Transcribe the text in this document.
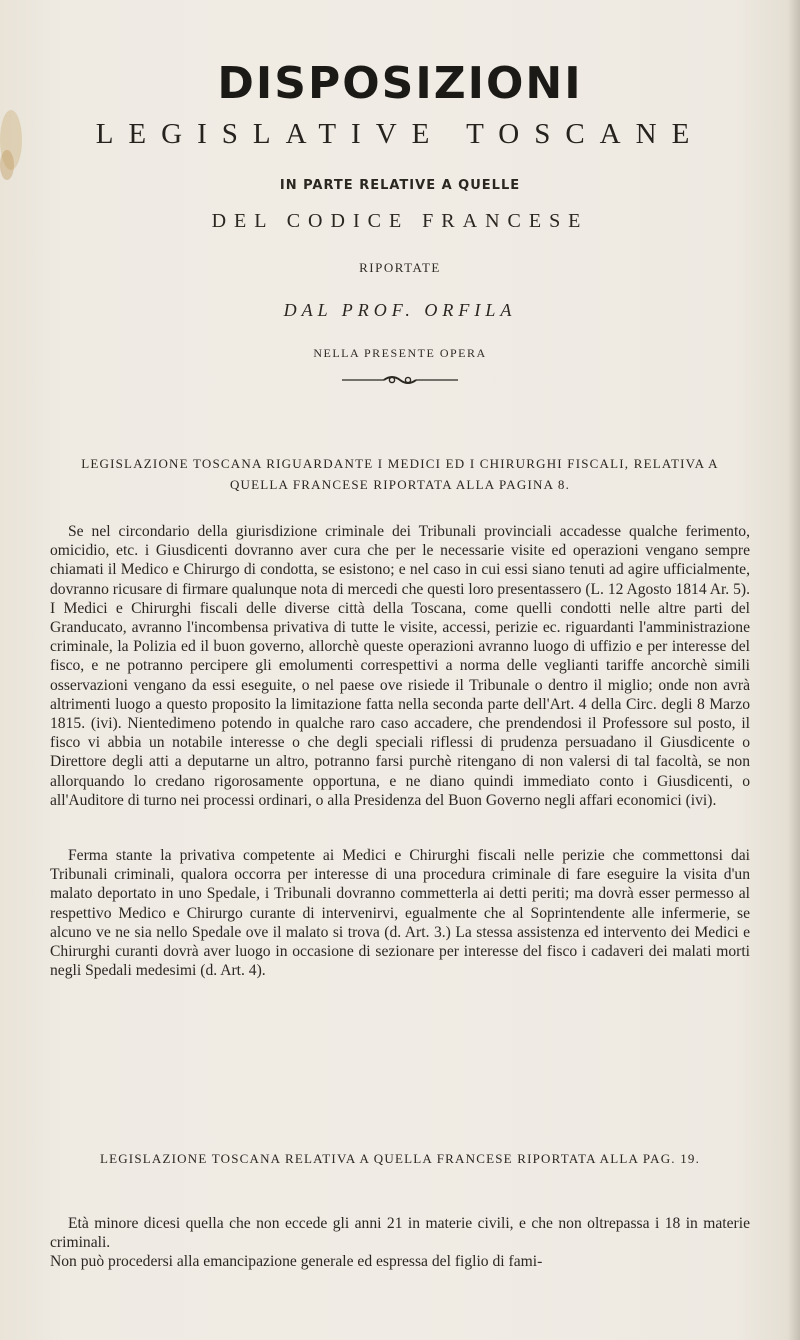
DISPOSIZIONI
LEGISLATIVE TOSCANE
IN PARTE RELATIVE A QUELLE
DEL CODICE FRANCESE
RIPORTATE
DAL PROF. ORFILA
NELLA PRESENTE OPERA
LEGISLAZIONE TOSCANA RIGUARDANTE I MEDICI ED I CHIRURGHI FISCALI, RELATIVA A QUELLA FRANCESE RIPORTATA ALLA PAGINA 8.

Se nel circondario della giurisdizione criminale dei Tribunali provinciali accadesse qualche ferimento, omicidio, etc. i Giusdicenti dovranno aver cura che per le necessarie visite ed operazioni vengano sempre chiamati il Medico e Chirurgo di condotta, se esistono; e nel caso in cui essi siano tenuti ad agire ufficialmente, dovranno ricusare di firmare qualunque nota di mercedi che questi loro presentassero (L. 12 Agosto 1814 Ar. 5). I Medici e Chirurghi fiscali delle diverse città della Toscana, come quelli condotti nelle altre parti del Granducato, avranno l'incombensa privativa di tutte le visite, accessi, perizie ec. riguardanti l'amministrazione criminale, la Polizia ed il buon governo, allorchè queste operazioni avranno luogo di uffizio e per interesse del fisco, e ne potranno percipere gli emolumenti correspettivi a norma delle veglianti tariffe ancorchè simili osservazioni vengano da essi eseguite, o nel paese ove risiede il Tribunale o dentro il miglio; onde non avrà altrimenti luogo a questo proposito la limitazione fatta nella seconda parte dell'Art. 4 della Circ. degli 8 Marzo 1815. (ivi). Nientedimeno potendo in qualche raro caso accadere, che prendendosi il Professore sul posto, il fisco vi abbia un notabile interesse o che degli speciali riflessi di prudenza persuadano il Giusdicente o Direttore degli atti a deputarne un altro, potranno farsi purchè ritengano di non valersi di tal facoltà, se non allorquando lo credano rigorosamente opportuna, e ne diano quindi immediato conto i Giusdicenti, o all'Auditore di turno nei processi ordinari, o alla Presidenza del Buon Governo negli affari economici (ivi).

Ferma stante la privativa competente ai Medici e Chirurghi fiscali nelle perizie che commettonsi dai Tribunali criminali, qualora occorra per interesse di una procedura criminale di fare eseguire la visita d'un malato deportato in uno Spedale, i Tribunali dovranno commetterla ai detti periti; ma dovrà esser permesso al respettivo Medico e Chirurgo curante di intervenirvi, egualmente che al Soprintendente alle infermerie, se alcuno ve ne sia nello Spedale ove il malato si trova (d. Art. 3.) La stessa assistenza ed intervento dei Medici e Chirurghi curanti dovrà aver luogo in occasione di sezionare per interesse del fisco i cadaveri dei malati morti negli Spedali medesimi (d. Art. 4).

LEGISLAZIONE TOSCANA RELATIVA A QUELLA FRANCESE RIPORTATA ALLA PAG. 19.

Età minore dicesi quella che non eccede gli anni 21 in materie civili, e che non oltrepassa i 18 in materie criminali.

Non può procedersi alla emancipazione generale ed espressa del figlio di fami-
